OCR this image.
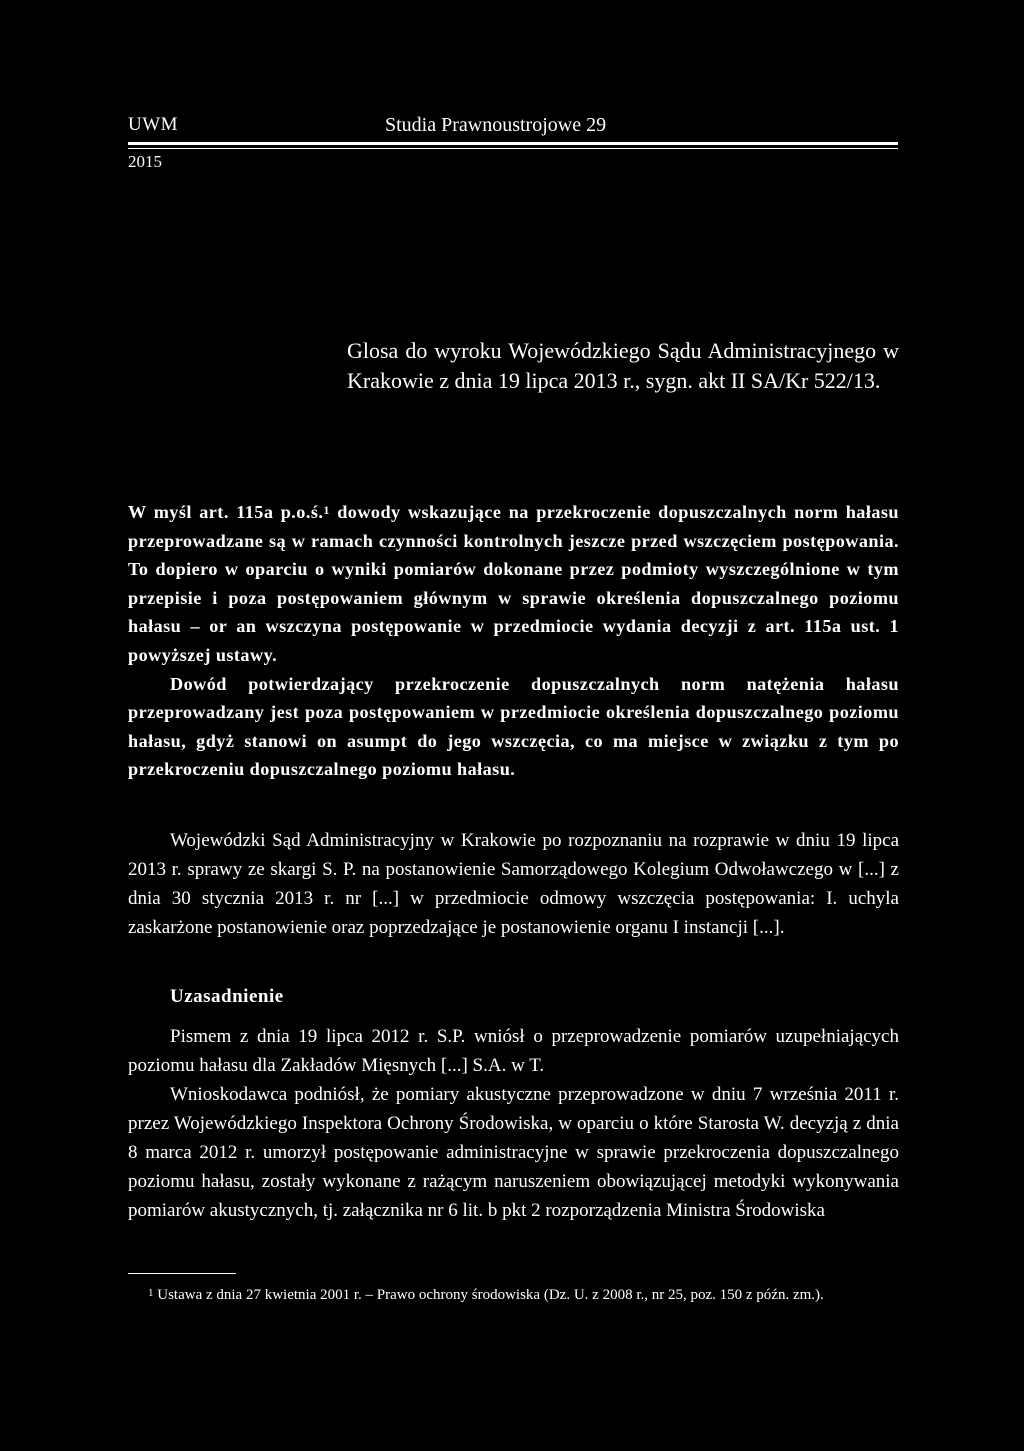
UWM	Studia Prawnoustrojowe 29
2015
Glosa do wyroku Wojewódzkiego Sądu Administracyjnego w Krakowie z dnia 19 lipca 2013 r., sygn. akt II SA/Kr 522/13.

W myśl art. 115a p.o.ś.$^1$ dowody wskazujące na przekroczenie dopuszczalnych norm hałasu przeprowadzane są w ramach czynności kontrolnych jeszcze przed wszczęciem postępowania. To dopiero w oparciu o wyniki pomiarów dokonane przez podmioty wyszczególnione w tym przepisie i poza postępowaniem głównym w sprawie określenia dopuszczalnego poziomu hałasu – or an wszczyna postępowanie w przedmiocie wydania decyzji z art. 115a ust. 1 powyższej ustawy.

Dowód potwierdzający przekroczenie dopuszczalnych norm natężenia hałasu przeprowadzany jest poza postępowaniem w przedmiocie określenia dopuszczalnego poziomu hałasu, gdyż stanowi on asumpt do jego wszczęcia, co ma miejsce w związku z tym po przekroczeniu dopuszczalnego poziomu hałasu.

Wojewódzki Sąd Administracyjny w Krakowie po rozpoznaniu na rozprawie w dniu 19 lipca 2013 r. sprawy ze skargi S. P. na postanowienie Samorządowego Kolegium Odwoławczego w [...] z dnia 30 stycznia 2013 r. nr [...] w przedmiocie odmowy wszczęcia postępowania: I. uchyla zaskarżone postanowienie oraz poprzedzające je postanowienie organu I instancji [...].

Uzasadnienie

Pismem z dnia 19 lipca 2012 r. S.P. wniósł o przeprowadzenie pomiarów uzupełniających poziomu hałasu dla Zakładów Mięsnych [...] S.A. w T.

Wnioskodawca podniósł, że pomiary akustyczne przeprowadzone w dniu 7 września 2011 r. przez Wojewódzkiego Inspektora Ochrony Środowiska, w oparciu o które Starosta W. decyzją z dnia 8 marca 2012 r. umorzył postępowanie administracyjne w sprawie przekroczenia dopuszczalnego poziomu hałasu, zostały wykonane z rażącym naruszeniem obowiązującej metodyki wykonywania pomiarów akustycznych, tj. załącznika nr 6 lit. b pkt 2 rozporządzenia Ministra Środowiska

$^1$ Ustawa z dnia 27 kwietnia 2001 r. – Prawo ochrony środowiska (Dz. U. z 2008 r., nr 25, poz. 150 z późn. zm.).
